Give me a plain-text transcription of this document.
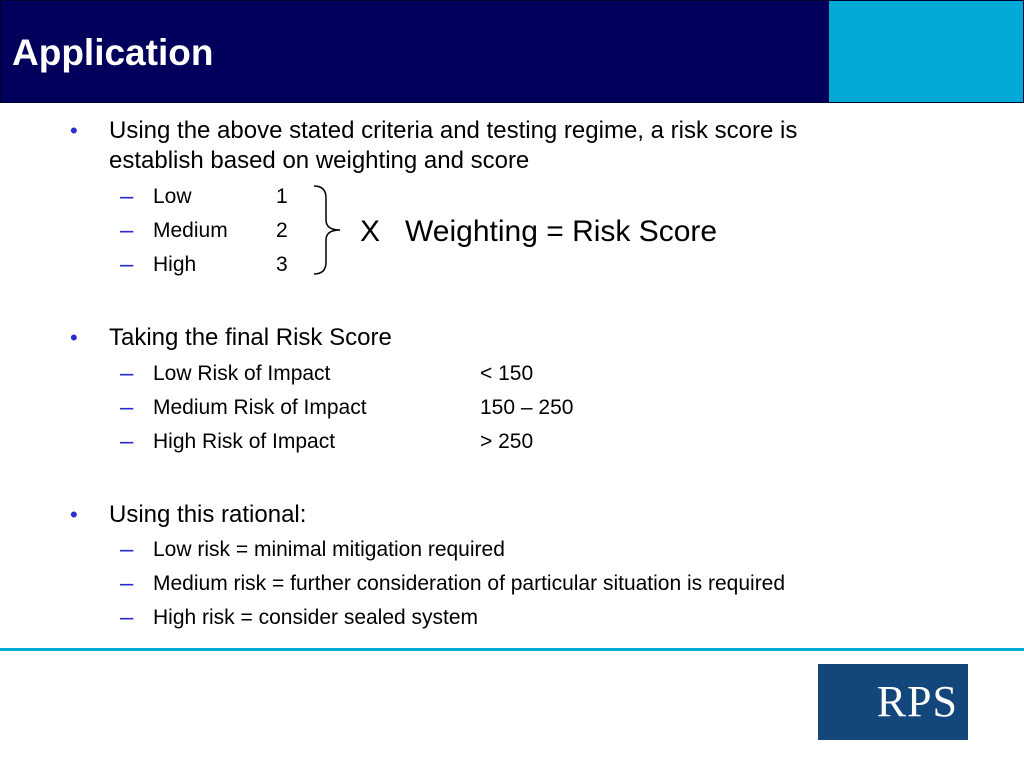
Application
• Using the above stated criteria and testing regime, a risk score is
establish based on weighting and score
– Low	1
– Medium 2
– High	3
X   Weighting = Risk Score
• Taking the final Risk Score
– Low Risk of Impact	< 150
– Medium Risk of Impact	150 – 250
– High Risk of Impact	> 250
• Using this rational:
– Low risk = minimal mitigation required
– Medium risk = further consideration of particular situation is required
– High risk = consider sealed system
RPS
